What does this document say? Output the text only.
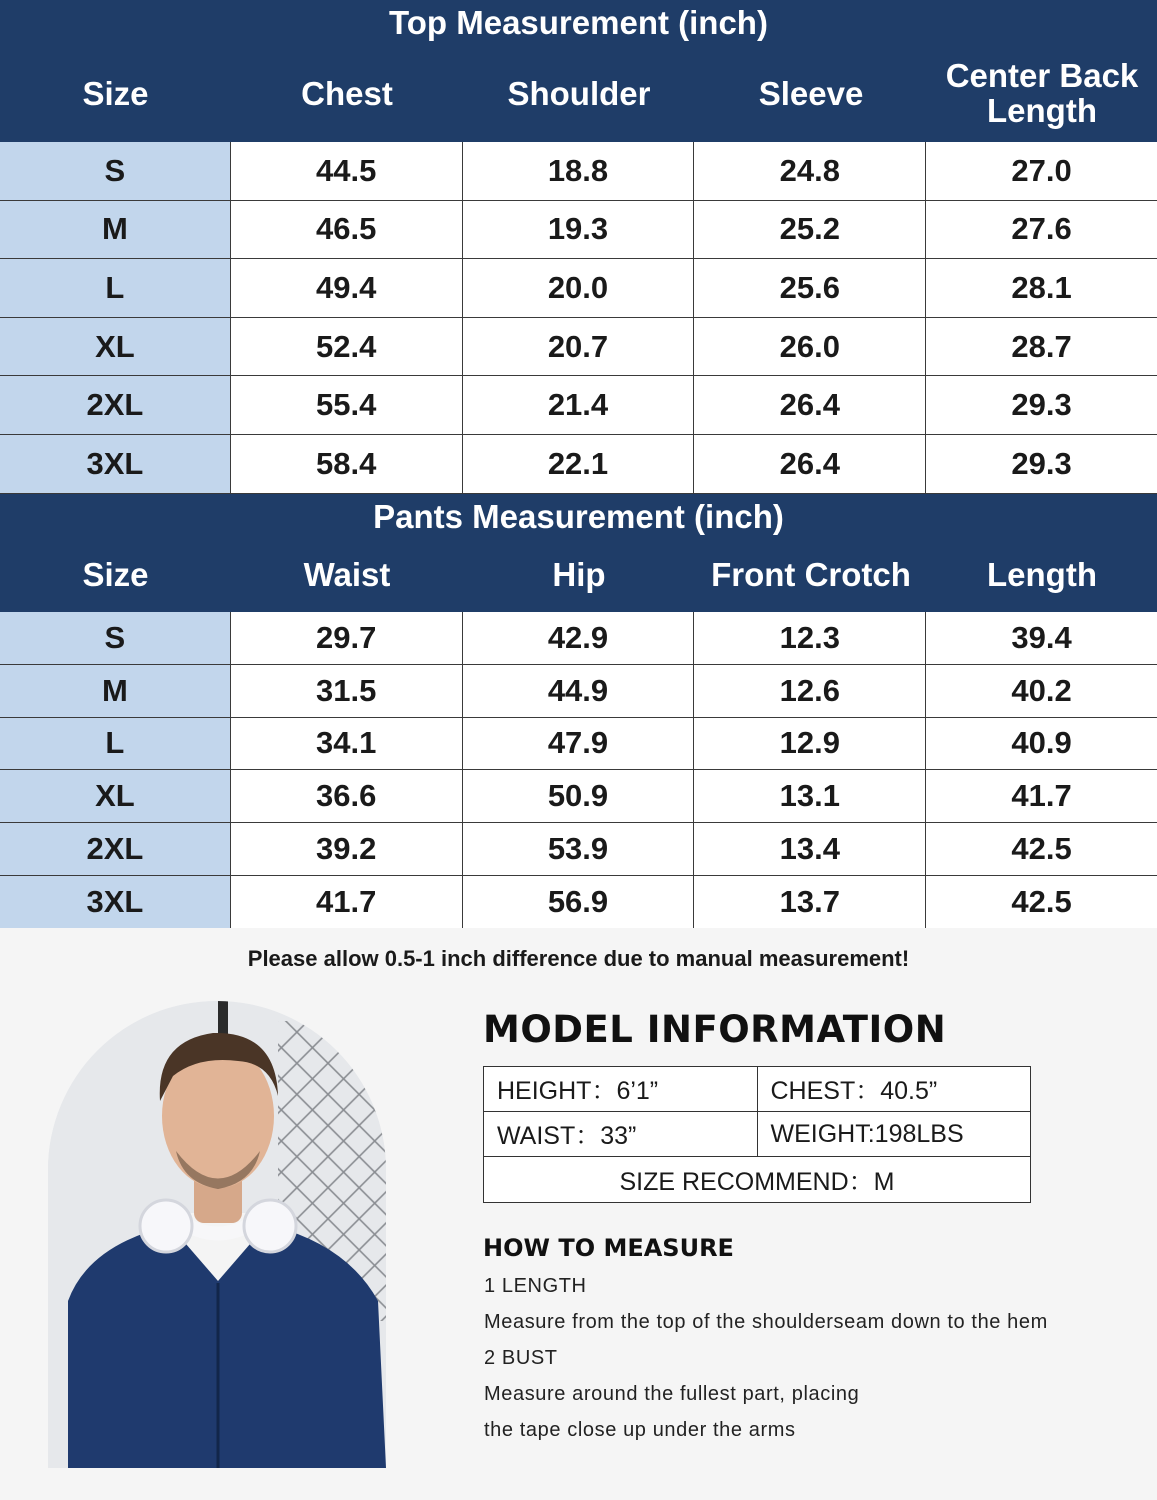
Top Measurement (inch)
Size	Chest	Shoulder	Sleeve	Center Back Length
S	44.5	18.8	24.8	27.0
M	46.5	19.3	25.2	27.6
L	49.4	20.0	25.6	28.1
XL	52.4	20.7	26.0	28.7
2XL	55.4	21.4	26.4	29.3
3XL	58.4	22.1	26.4	29.3
Pants Measurement (inch)
Size	Waist	Hip	Front Crotch	Length
S	29.7	42.9	12.3	39.4
M	31.5	44.9	12.6	40.2
L	34.1	47.9	12.9	40.9
XL	36.6	50.9	13.1	41.7
2XL	39.2	53.9	13.4	42.5
3XL	41.7	56.9	13.7	42.5
Please allow 0.5-1 inch difference due to manual measurement!
MODEL INFORMATION
HEIGHT：6’1”	CHEST：40.5”
WAIST：33”	WEIGHT:198LBS
SIZE RECOMMEND：M
HOW TO MEASURE
1 LENGTH
Measure from the top of the shoulderseam down to the hem
2 BUST
Measure around the fullest part, placing
the tape close up under the arms
